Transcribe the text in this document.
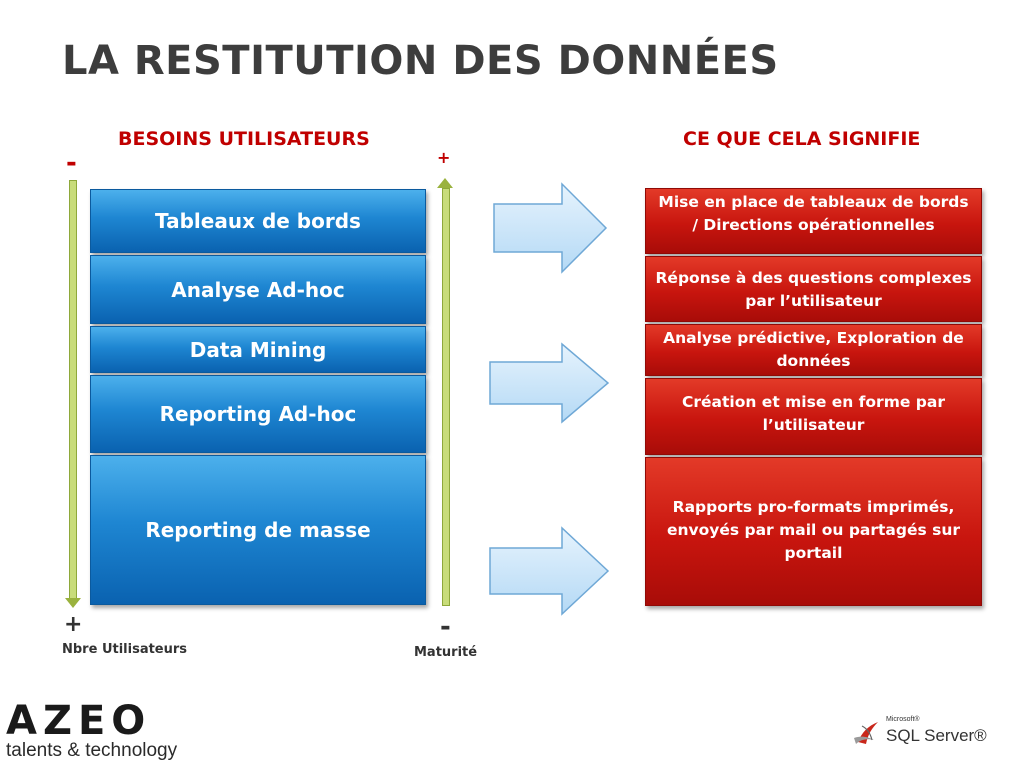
LA RESTITUTION DES DONNÉES
BESOINS UTILISATEURS	CE QUE CELA SIGNIFIE
-	+
+	-
Nbre Utilisateurs	Maturité
Tableaux de bords
Analyse Ad-hoc
Data Mining
Reporting Ad-hoc
Reporting de masse
Mise en place de tableaux de bords / Directions opérationnelles
Réponse à des questions complexes par l’utilisateur
Analyse prédictive, Exploration de données
Création et mise en forme par l’utilisateur
Rapports pro-formats imprimés, envoyés par mail ou partagés sur portail
AZEO
talents & technology
Microsoft®
SQL Server®
